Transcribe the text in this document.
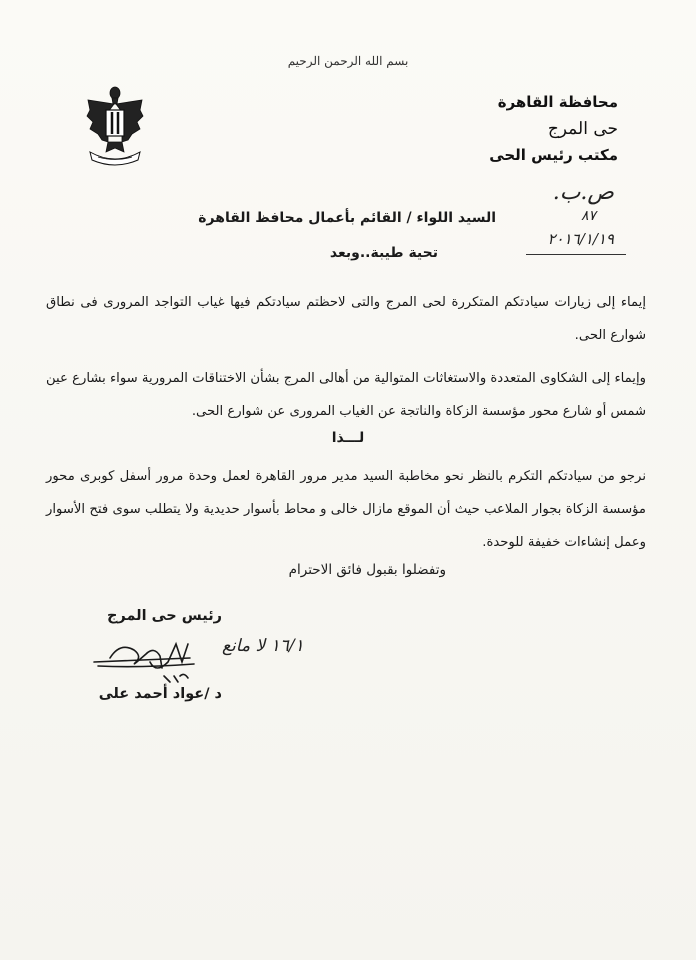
بسم الله الرحمن الرحيم
محافظة القاهرة
حى المرج
مكتب رئيس الحى
ص.ب.
٨٧
٢٠١٦/١/١٩
السيد اللواء / القائم بأعمال محافظ القاهرة
تحية طيبة..وبعد
إيماء إلى زيارات سيادتكم المتكررة لحى المرج والتى لاحظتم سيادتكم فيها غياب التواجد المرورى فى نطاق شوارع الحى.
وإيماء إلى الشكاوى المتعددة والاستغاثات المتوالية من أهالى المرج بشأن الاختناقات المرورية سواء بشارع عين شمس أو شارع محور مؤسسة الزكاة والناتجة عن الغياب المرورى عن شوارع الحى.
لـــذا
نرجو من سيادتكم التكرم بالنظر نحو مخاطبة السيد مدير مرور القاهرة لعمل وحدة مرور أسفل كوبرى محور مؤسسة الزكاة بجوار الملاعب حيث أن الموقع مازال خالى و محاط بأسوار حديدية ولا يتطلب سوى فتح الأسوار وعمل إنشاءات خفيفة للوحدة.
وتفضلوا بقبول فائق الاحترام
رئيس حى المرج
١٦/١ لا مانع
د /عواد أحمد على
